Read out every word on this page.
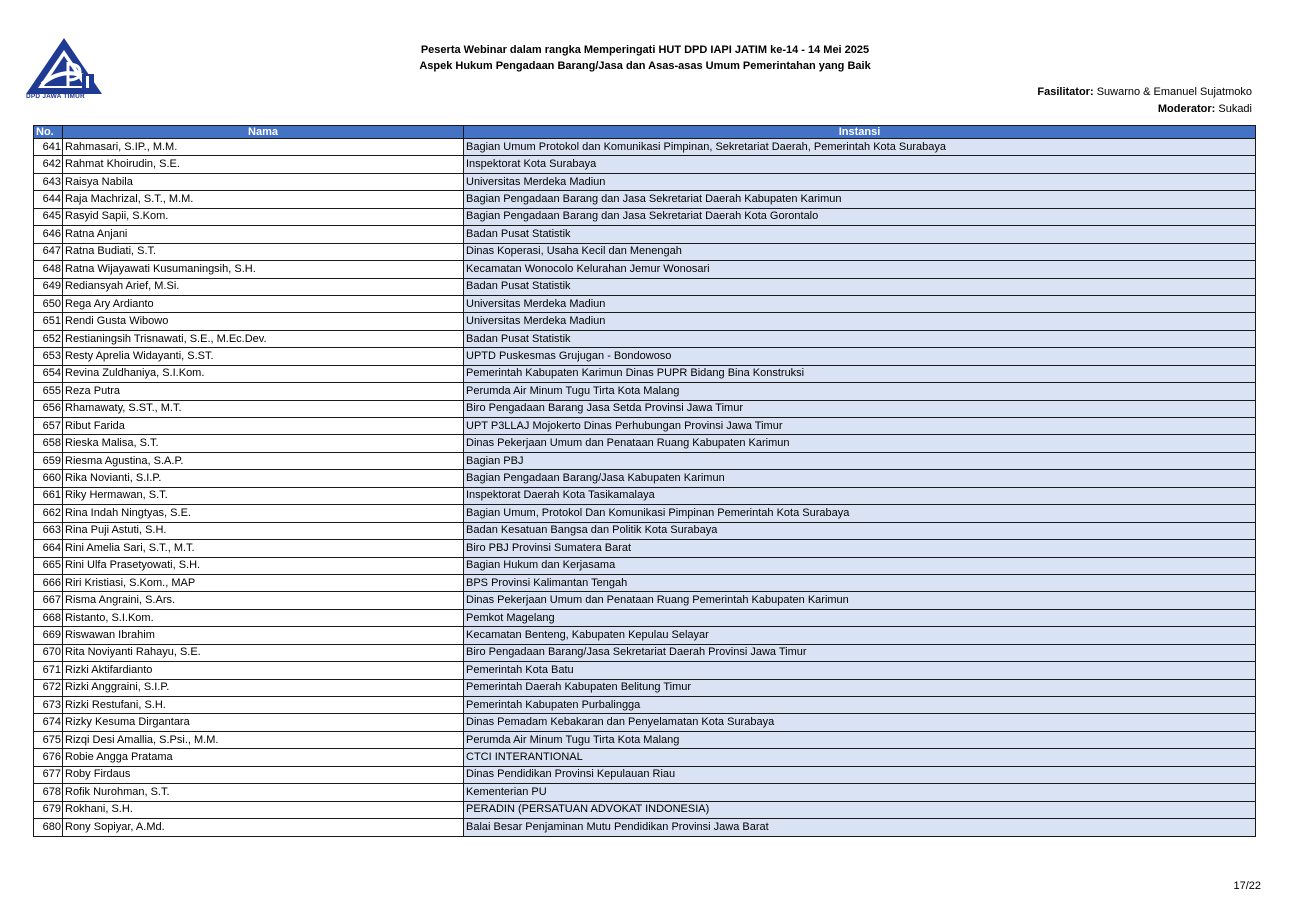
DPD JAWA TIMUR
Peserta Webinar dalam rangka Memperingati HUT DPD IAPI JATIM ke-14 - 14 Mei 2025
Aspek Hukum Pengadaan Barang/Jasa dan Asas-asas Umum Pemerintahan yang Baik
Fasilitator: Suwarno & Emanuel Sujatmoko
Moderator: Sukadi
No.	Nama	Instansi
641	Rahmasari, S.IP., M.M.	Bagian Umum Protokol dan Komunikasi Pimpinan, Sekretariat Daerah, Pemerintah Kota Surabaya
642	Rahmat Khoirudin, S.E.	Inspektorat Kota Surabaya
643	Raisya Nabila	Universitas Merdeka Madiun
644	Raja Machrizal, S.T., M.M.	Bagian Pengadaan Barang dan Jasa Sekretariat Daerah Kabupaten Karimun
645	Rasyid Sapii, S.Kom.	Bagian Pengadaan Barang dan Jasa Sekretariat Daerah Kota Gorontalo
646	Ratna Anjani	Badan Pusat Statistik
647	Ratna Budiati, S.T.	Dinas Koperasi, Usaha Kecil dan Menengah
648	Ratna Wijayawati Kusumaningsih, S.H.	Kecamatan Wonocolo Kelurahan Jemur Wonosari
649	Rediansyah Arief, M.Si.	Badan Pusat Statistik
650	Rega Ary Ardianto	Universitas Merdeka Madiun
651	Rendi Gusta Wibowo	Universitas Merdeka Madiun
652	Restianingsih Trisnawati, S.E., M.Ec.Dev.	Badan Pusat Statistik
653	Resty Aprelia Widayanti, S.ST.	UPTD Puskesmas Grujugan - Bondowoso
654	Revina Zuldhaniya, S.I.Kom.	Pemerintah Kabupaten Karimun Dinas PUPR Bidang Bina Konstruksi
655	Reza Putra	Perumda Air Minum Tugu Tirta Kota Malang
656	Rhamawaty, S.ST., M.T.	Biro Pengadaan Barang Jasa Setda Provinsi Jawa Timur
657	Ribut Farida	UPT P3LLAJ Mojokerto Dinas Perhubungan Provinsi Jawa Timur
658	Rieska Malisa, S.T.	Dinas Pekerjaan Umum dan Penataan Ruang Kabupaten Karimun
659	Riesma Agustina, S.A.P.	Bagian PBJ
660	Rika Novianti, S.I.P.	Bagian Pengadaan Barang/Jasa Kabupaten Karimun
661	Riky Hermawan, S.T.	Inspektorat Daerah Kota Tasikamalaya
662	Rina Indah Ningtyas, S.E.	Bagian Umum, Protokol Dan Komunikasi Pimpinan Pemerintah Kota Surabaya
663	Rina Puji Astuti, S.H.	Badan Kesatuan Bangsa dan Politik Kota Surabaya
664	Rini Amelia Sari, S.T., M.T.	Biro PBJ Provinsi Sumatera Barat
665	Rini Ulfa Prasetyowati, S.H.	Bagian Hukum dan Kerjasama
666	Riri Kristiasi, S.Kom., MAP	BPS Provinsi Kalimantan Tengah
667	Risma Angraini, S.Ars.	Dinas Pekerjaan Umum dan Penataan Ruang Pemerintah Kabupaten Karimun
668	Ristanto, S.I.Kom.	Pemkot Magelang
669	Riswawan Ibrahim	Kecamatan Benteng, Kabupaten Kepulau Selayar
670	Rita Noviyanti Rahayu, S.E.	Biro Pengadaan Barang/Jasa Sekretariat Daerah Provinsi Jawa Timur
671	Rizki Aktifardianto	Pemerintah Kota Batu
672	Rizki Anggraini, S.I.P.	Pemerintah Daerah Kabupaten Belitung Timur
673	Rizki Restufani, S.H.	Pemerintah Kabupaten Purbalingga
674	Rizky Kesuma Dirgantara	Dinas Pemadam Kebakaran dan Penyelamatan Kota Surabaya
675	Rizqi Desi Amallia, S.Psi., M.M.	Perumda Air Minum Tugu Tirta Kota Malang
676	Robie Angga Pratama	CTCI INTERANTIONAL
677	Roby Firdaus	Dinas Pendidikan Provinsi Kepulauan Riau
678	Rofik Nurohman, S.T.	Kementerian PU
679	Rokhani, S.H.	PERADIN (PERSATUAN ADVOKAT INDONESIA)
680	Rony Sopiyar, A.Md.	Balai Besar Penjaminan Mutu Pendidikan Provinsi Jawa Barat
17/22
